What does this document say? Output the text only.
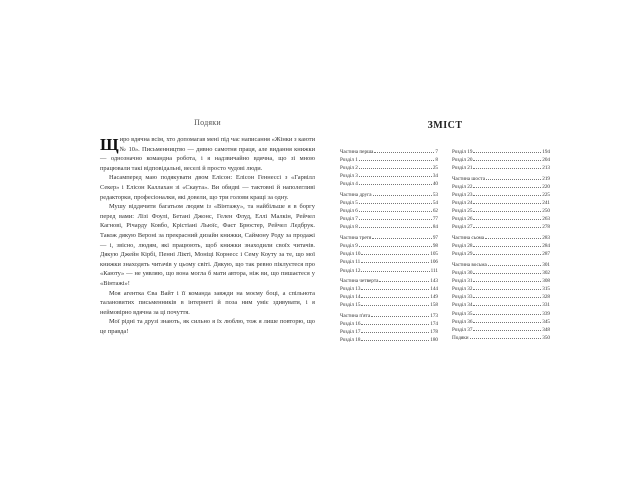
Подяки

Щиро вдячна всім, хто допомагав мені під час написання «Жінки з каюти № 10». Письменництво — дивно самотня праця, але видання книжки — однозначно командна робота, і я надзвичайно вдячна, що зі мною працювали такі відповідальні, веселі й просто чудові люди.

Насамперед маю подякувати двом Елісон: Елісон Геннессі з «Гарвілл Секер» і Елісон Каллахан зі «Скаута». Ви обидві — тактовні й наполегливі редакторки, професіоналки, які довели, що три голови кращі за одну.

Мушу віддячити багатьом людям із «Вінтажу», та найбільше я в боргу перед вами: Лізі Фоулі, Бетані Джонс, Гелен Флуд, Еллі Малкін, Рейчел Кагнові, Річарду Ковбо, Крістіані Льюїс, Фаєт Брюстер, Рейчел Ледбрук. Також дякую Вероні за прекрасний дизайн книжки, Саймону Роду за продажі — і, звісно, людям, які працюють, щоб книжки знаходили своїх читачів. Дякую Джейн Кірбі, Пенні Лікті, Моніці Корнесс і Сему Коуту за те, що мої книжки знаходять читачів у цьому світі. Дякую, що так ревно піклуєтеся про «Каюту» — не уявляю, що вона могла б мати автора, ніж ви, що пишаєтеся у «Вінтажі»!

Моя агентка Єва Вайт і її команда завжди на моєму боці, а спільнота талановитих письменників в інтернеті й поза ним уміє здивувати, і я неймовірно вдячна за ці почуття.

Мої рідні та друзі знають, як сильно я їх люблю, тож я лише повторю, що це правда!

ЗМІСТ
Частина перша	7
Розділ 1	8
Розділ 2	25
Розділ 3	34
Розділ 4	40
Частина друга	53
Розділ 5	54
Розділ 6	62
Розділ 7	77
Розділ 8	84
Частина третя	97
Розділ 9	98
Розділ 10	105
Розділ 11	106
Розділ 12	111
Частина четверта	143
Розділ 13	144
Розділ 14	149
Розділ 15	158
Частина п'ята	173
Розділ 16	174
Розділ 17	178
Розділ 18	180
Розділ 19	194
Розділ 20	204
Розділ 21	213
Частина шоста	219
Розділ 22	220
Розділ 23	225
Розділ 24	241
Розділ 25	250
Розділ 26	263
Розділ 27	278
Частина сьома	283
Розділ 28	284
Розділ 29	287
Частина восьма	301
Розділ 30	302
Розділ 31	308
Розділ 32	315
Розділ 33	328
Розділ 34	331
Розділ 35	339
Розділ 36	345
Розділ 37	348
Подяки	350
